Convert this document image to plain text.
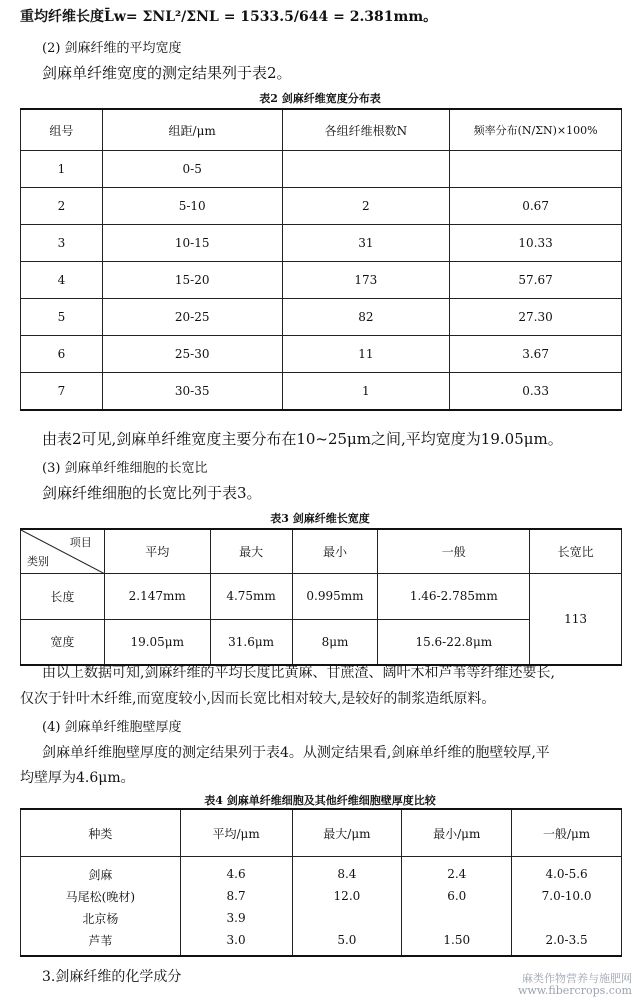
重均纤维长度L̄w= ΣNL²/ΣNL = 1533.5/644 = 2.381mm。
(2) 剑麻纤维的平均宽度
剑麻单纤维宽度的测定结果列于表2。
表2 剑麻纤维宽度分布表
组号	组距/μm	各组纤维根数N	频率分布(N/ΣN)×100%
1	0-5		
2	5-10	2	0.67
3	10-15	31	10.33
4	15-20	173	57.67
5	20-25	82	27.30
6	25-30	11	3.67
7	30-35	1	0.33
由表2可见,剑麻单纤维宽度主要分布在10~25μm之间,平均宽度为19.05μm。
(3) 剑麻单纤维细胞的长宽比
剑麻纤维细胞的长宽比列于表3。
表3 剑麻纤维长宽度
项目
类别	平均	最大	最小	一般	长宽比
长度	2.147mm	4.75mm	0.995mm	1.46-2.785mm	113
宽度	19.05μm	31.6μm	8μm	15.6-22.8μm	
由以上数据可知,剑麻纤维的平均长度比黄麻、甘蔗渣、阔叶木和芦苇等纤维还要长,
仅次于针叶木纤维,而宽度较小,因而长宽比相对较大,是较好的制浆造纸原料。
(4) 剑麻单纤维胞壁厚度
剑麻单纤维胞壁厚度的测定结果列于表4。从测定结果看,剑麻单纤维的胞壁较厚,平
均壁厚为4.6μm。
表4 剑麻单纤维细胞及其他纤维细胞壁厚度比较
种类	平均/μm	最大/μm	最小/μm	一般/μm
剑麻	4.6	8.4	2.4	4.0-5.6
马尾松(晚材)	8.7	12.0	6.0	7.0-10.0
北京杨	3.9			
芦苇	3.0	5.0	1.50	2.0-3.5
3.剑麻纤维的化学成分	麻类作物营养与施肥网
www.fibercrops.com
